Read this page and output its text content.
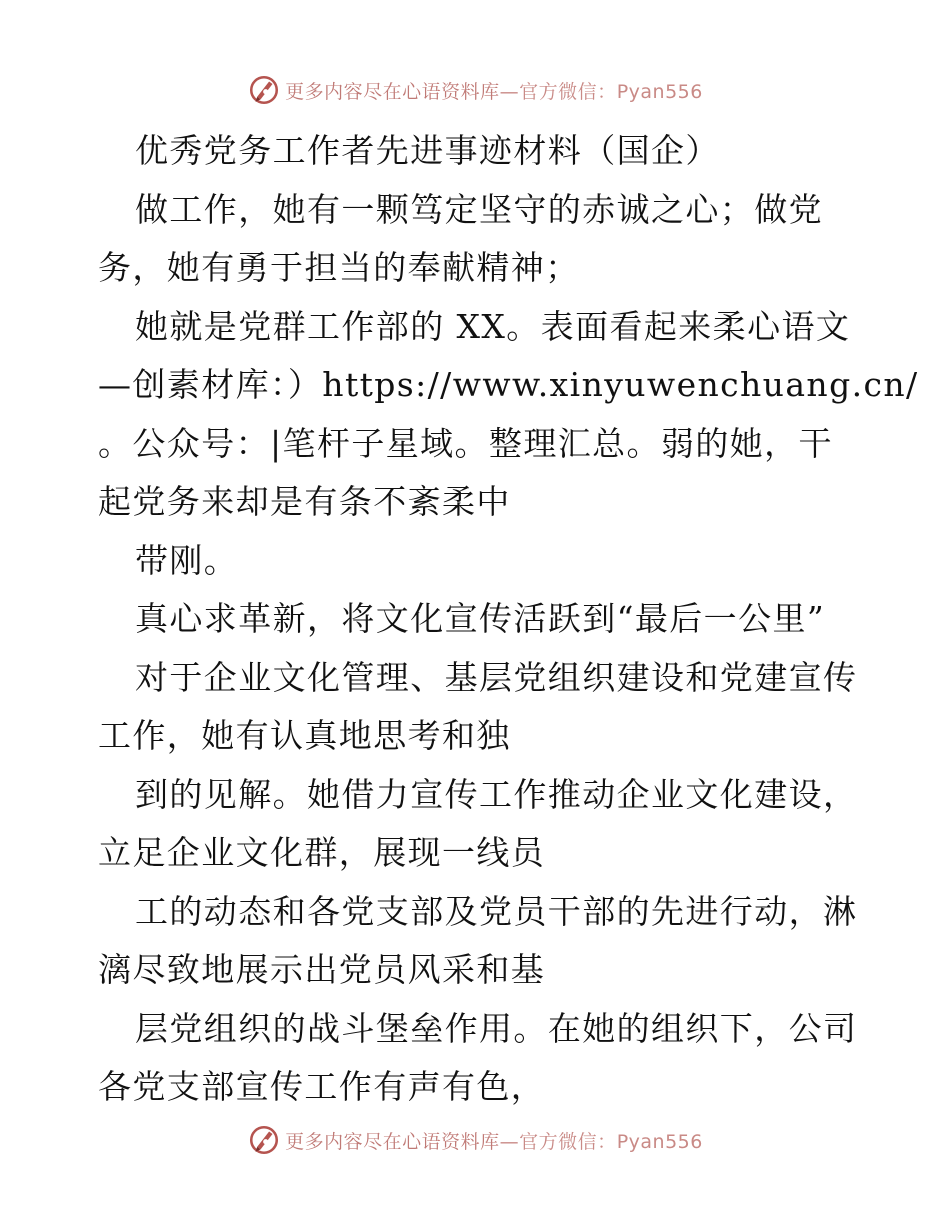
更多内容尽在心语资料库—官方微信：Pyan556
优秀党务工作者先进事迹材料（国企）
做工作，她有一颗笃定坚守的赤诚之心；做党
务，她有勇于担当的奉献精神；
她就是党群工作部的 XX。表面看起来柔心语文
—创素材库：）https://www.xinyuwenchuang.cn/
。公众号：|笔杆子星域。整理汇总。弱的她，干
起党务来却是有条不紊柔中
带刚。
真心求革新，将文化宣传活跃到“最后一公里”
对于企业文化管理、基层党组织建设和党建宣传
工作，她有认真地思考和独
到的见解。她借力宣传工作推动企业文化建设，
立足企业文化群，展现一线员
工的动态和各党支部及党员干部的先进行动，淋
漓尽致地展示出党员风采和基
层党组织的战斗堡垒作用。在她的组织下，公司
各党支部宣传工作有声有色，
更多内容尽在心语资料库—官方微信：Pyan556
